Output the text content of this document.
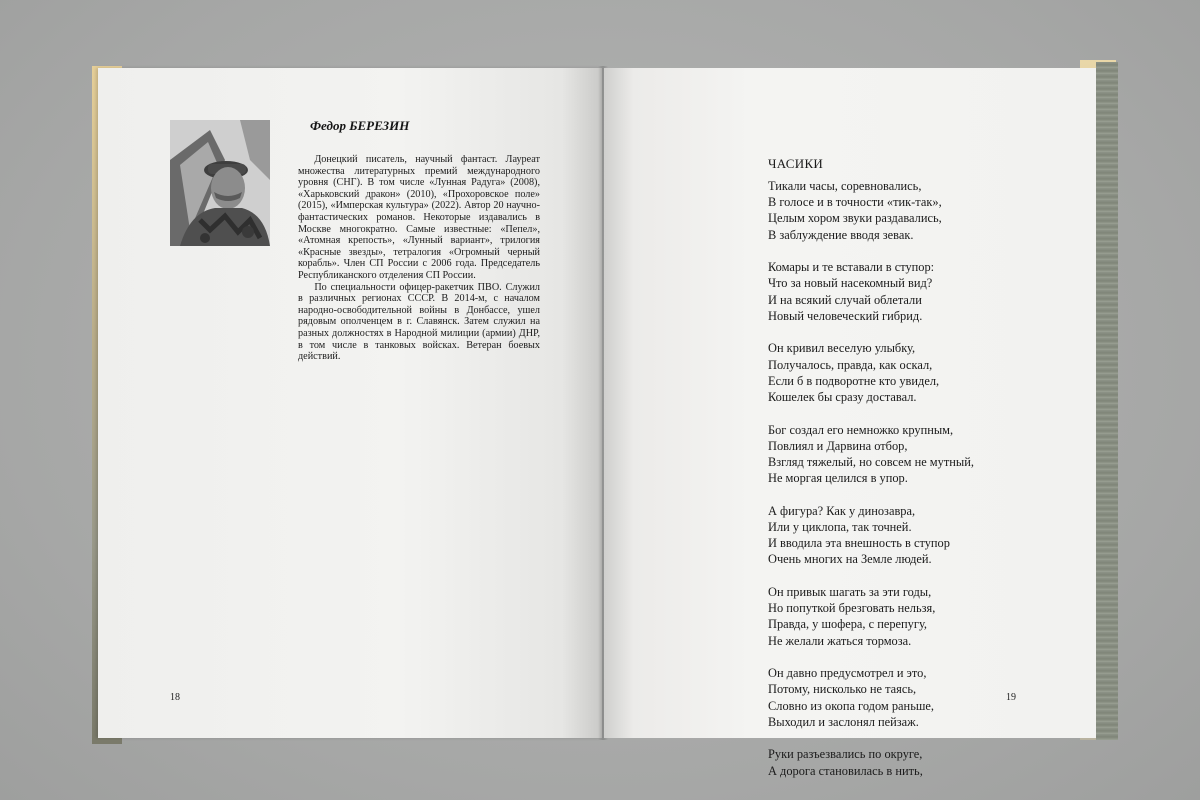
Федор БЕРЕЗИН

Донецкий писатель, научный фантаст. Лауреат множества литературных премий международного уровня (СНГ). В том числе «Лунная Радуга» (2008), «Харьковский дракон» (2010), «Прохоровское поле» (2015), «Имперская культура» (2022). Автор 20 научно-фантастических романов. Некоторые издавались в Москве многократно. Самые известные: «Пепел», «Атомная крепость», «Лунный вариант», трилогия «Красные звезды», тетралогия «Огромный черный корабль». Член СП России с 2006 года. Председатель Республиканского отделения СП России.

По специальности офицер-ракетчик ПВО. Служил в различных регионах СССР. В 2014-м, с началом народно-освободительной войны в Донбассе, ушел рядовым ополченцем в г. Славянск. Затем служил на разных должностях в Народной милиции (армии) ДНР, в том числе в танковых войсках. Ветеран боевых действий.

18
ЧАСИКИ
Тикали часы, соревновались,
В голосе и в точности «тик-так»,
Целым хором звуки раздавались,
В заблуждение вводя зевак.
Комары и те вставали в ступор:
Что за новый насекомный вид?
И на всякий случай облетали
Новый человеческий гибрид.
Он кривил веселую улыбку,
Получалось, правда, как оскал,
Если б в подворотне кто увидел,
Кошелек бы сразу доставал.
Бог создал его немножко крупным,
Повлиял и Дарвина отбор,
Взгляд тяжелый, но совсем не мутный,
Не моргая целился в упор.
А фигура? Как у динозавра,
Или у циклопа, так точней.
И вводила эта внешность в ступор
Очень многих на Земле людей.
Он привык шагать за эти годы,
Но попуткой брезговать нельзя,
Правда, у шофера, с перепугу,
Не желали жаться тормоза.
Он давно предусмотрел и это,
Потому, нисколько не таясь,
Словно из окопа годом раньше,
Выходил и заслонял пейзаж.
Руки разъезвались по округе,
А дорога становилась в нить,
19
